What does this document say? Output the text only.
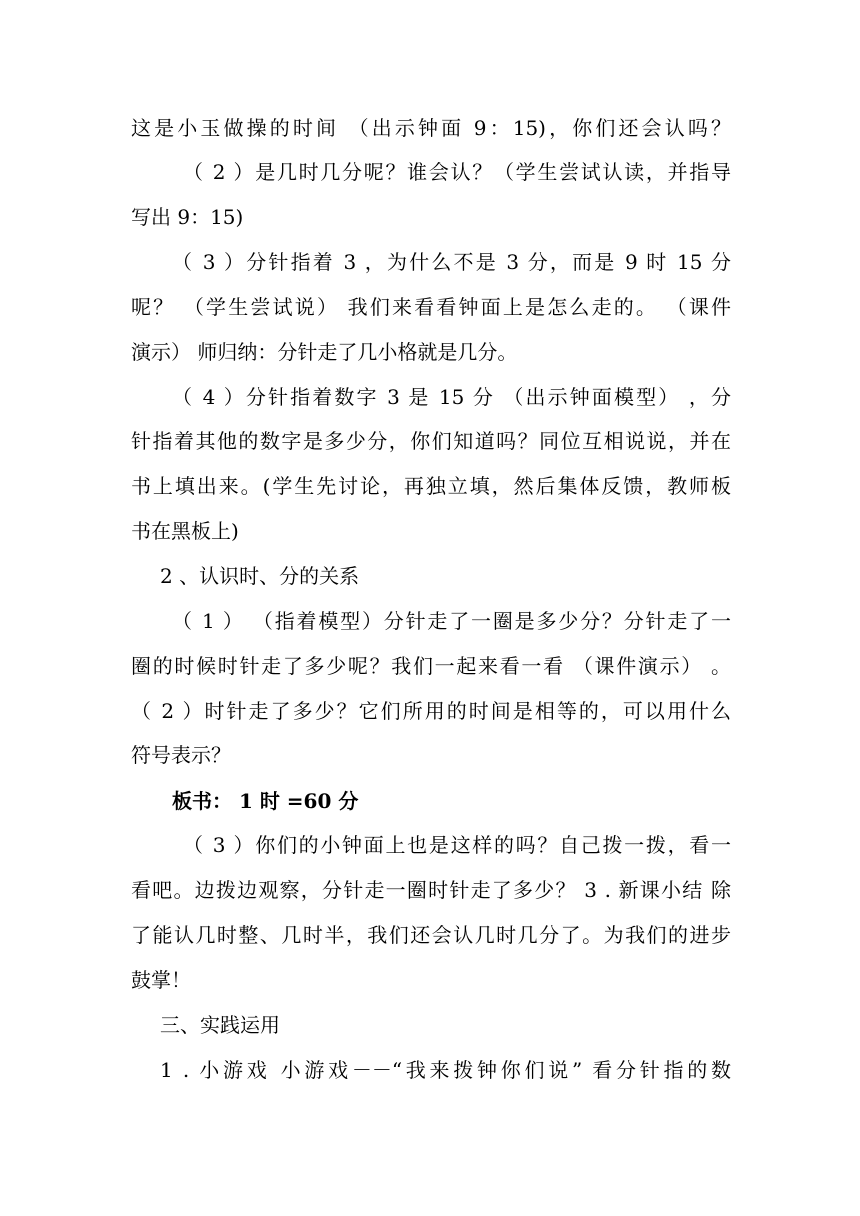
这是小玉做操的时间 （出示钟面 9：15)，你们还会认吗？
（ 2 ）是几时几分呢？谁会认？（学生尝试认读，并指导
写出 9：15)
（ 3 ）分针指着 3 ，为什么不是 3 分，而是 9 时 15 分
呢？ （学生尝试说） 我们来看看钟面上是怎么走的。 （课件
演示） 师归纳：分针走了几小格就是几分。
（ 4 ）分针指着数字 3 是 15 分 （出示钟面模型） ，分
针指着其他的数字是多少分，你们知道吗？同位互相说说，并在
书上填出来。(学生先讨论，再独立填，然后集体反馈，教师板
书在黑板上)
2 、认识时、分的关系
（ 1 ） （指着模型）分针走了一圈是多少分？分针走了一
圈的时候时针走了多少呢？我们一起来看一看 （课件演示） 。
（ 2 ）时针走了多少？它们所用的时间是相等的，可以用什么
符号表示？
板书： 1 时 =60 分
（ 3 ）你们的小钟面上也是这样的吗？自己拨一拨，看一
看吧。边拨边观察，分针走一圈时针走了多少？ 3 . 新课小结 除
了能认几时整、几时半，我们还会认几时几分了。为我们的进步
鼓掌！
三、实践运用
1 . 小游戏 小游戏－－“我来拨钟你们说” 看分针指的数
